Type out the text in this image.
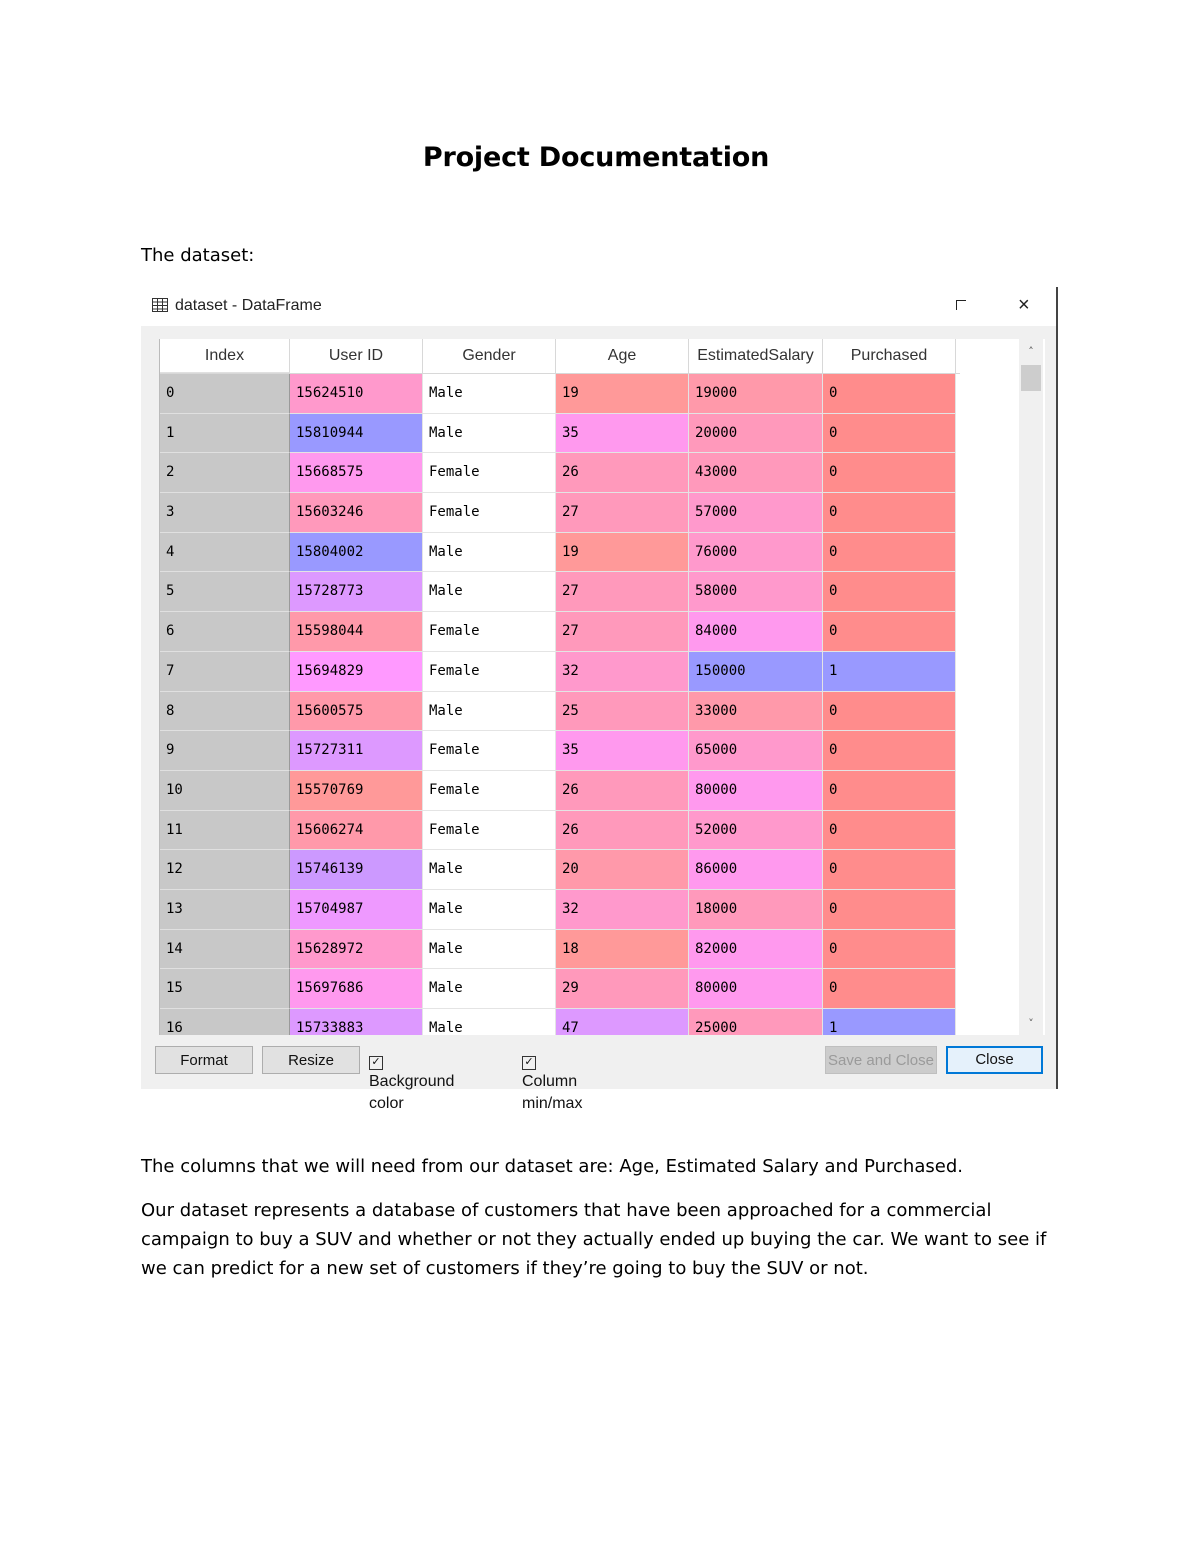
Project Documentation
The dataset:
dataset - DataFrame	×
Index	User ID	Gender	Age	EstimatedSalary	Purchased
0	15624510	Male	19	19000	0
1	15810944	Male	35	20000	0
2	15668575	Female	26	43000	0
3	15603246	Female	27	57000	0
4	15804002	Male	19	76000	0
5	15728773	Male	27	58000	0
6	15598044	Female	27	84000	0
7	15694829	Female	32	150000	1
8	15600575	Male	25	33000	0
9	15727311	Female	35	65000	0
10	15570769	Female	26	80000	0
11	15606274	Female	26	52000	0
12	15746139	Male	20	86000	0
13	15704987	Male	32	18000	0
14	15628972	Male	18	82000	0
15	15697686	Male	29	80000	0
16	15733883	Male	47	25000	1
˄
˅
Format	Resize	✓Background color
✓Column min/max
Save and Close	Close
The columns that we will need from our dataset are: Age, Estimated Salary and Purchased.
Our dataset represents a database of customers that have been approached for a commercial campaign to buy a SUV and whether or not they actually ended up buying the car. We want to see if we can predict for a new set of customers if they’re going to buy the SUV or not.
